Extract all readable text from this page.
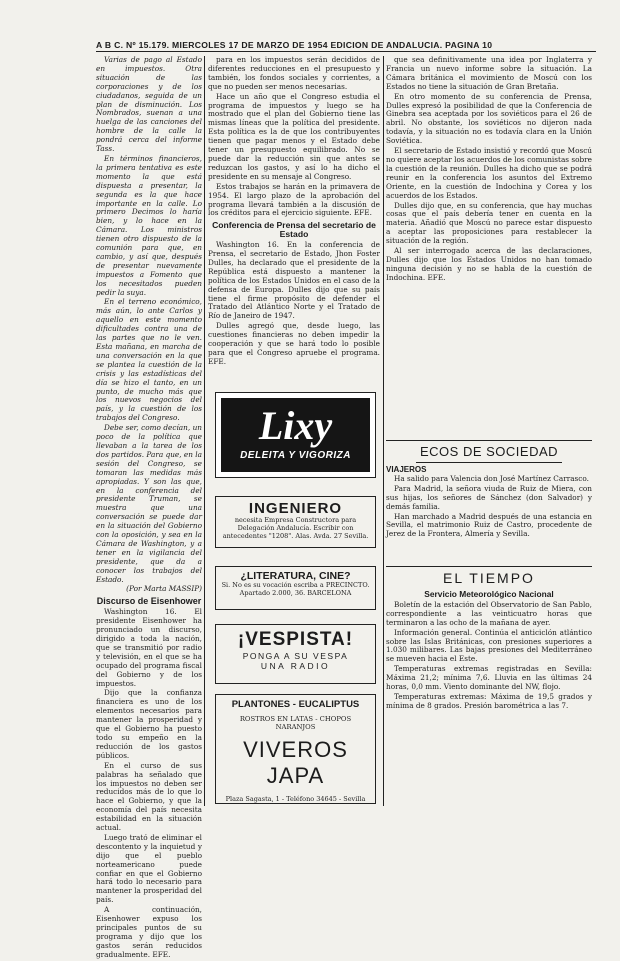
A B C. Nº 15.179. MIERCOLES 17 DE MARZO DE 1954 EDICION DE ANDALUCIA. PAGINA 10

Varias de pago al Estado en impuestos. Otra situación de las corporaciones y de los ciudadanos, seguida de un plan de disminución. Los Nombrados, suenan a una huelga de las canciones del hombre de la calle la pondrá cerca del informe Tass.

En términos financieros, la primera tentativa es este momento la que está dispuesta a presentar, la segunda es la que hace importante en la calle. Lo primero Decimos lo haría bien, y lo hace en la Cámara. Los ministros tienen otro dispuesto de la comunión para que, en cambio, y así que, después de presentar nuevamente impuestos a Fomento que los necesitados pueden pedir la suya.

En el terreno económico, más aún, lo ante Carlos y aquello en este momento dificultades contra una de las partes que no le ven. Esta mañana, en marcha de una conversación en la que se plantea la cuestión de la crisis y las estadísticas del día se hizo el tanto, en un punto, de mucho más que los nuevos negocios del país, y la cuestión de los trabajos del Congreso.

Debe ser, como decían, un poco de la política que llevaban a la tarea de los dos partidos. Para que, en la sesión del Congreso, se tomaran las medidas más apropiadas. Y son las que, en la conferencia del presidente Truman, se muestra que una conversación se puede dar en la situación del Gobierno con la oposición, y sea en la Cámara de Washington, y a tener en la vigilancia del presidente, que da a conocer los trabajos del Estado.

(Por Marta MASSIP)
Discurso de Eisenhower

Washington 16. El presidente Eisenhower ha pronunciado un discurso, dirigido a toda la nación, que se transmitió por radio y televisión, en el que se ha ocupado del programa fiscal del Gobierno y de los impuestos.

Dijo que la confianza financiera es uno de los elementos necesarios para mantener la prosperidad y que el Gobierno ha puesto todo su empeño en la reducción de los gastos públicos.

En el curso de sus palabras ha señalado que los impuestos no deben ser reducidos más de lo que lo hace el Gobierno, y que la economía del país necesita estabilidad en la situación actual.

Luego trató de eliminar el descontento y la inquietud y dijo que el pueblo norteamericano puede confiar en que el Gobierno hará todo lo necesario para mantener la prosperidad del país.

A continuación, Eisenhower expuso los principales puntos de su programa y dijo que los gastos serán reducidos gradualmente. EFE.

para en los impuestos serán decididos de diferentes reducciones en el presupuesto y también, los fondos sociales y corrientes, a que no pueden ser menos necesarias.

Hace un año que el Congreso estudia el programa de impuestos y luego se ha mostrado que el plan del Gobierno tiene las mismas líneas que la política del presidente. Esta política es la de que los contribuyentes tienen que pagar menos y el Estado debe tener un presupuesto equilibrado. No se puede dar la reducción sin que antes se reduzcan los gastos, y así lo ha dicho el presidente en su mensaje al Congreso.

Estos trabajos se harán en la primavera de 1954. El largo plazo de la aprobación del programa llevará también a la discusión de los créditos para el ejercicio siguiente. EFE.

Conferencia de Prensa del secretario de Estado

Washington 16. En la conferencia de Prensa, el secretario de Estado, Jhon Foster Dulles, ha declarado que el presidente de la República está dispuesto a mantener la política de los Estados Unidos en el caso de la defensa de Europa. Dulles dijo que su país tiene el firme propósito de defender el Tratado del Atlántico Norte y el Tratado de Río de Janeiro de 1947.

Dulles agregó que, desde luego, las cuestiones financieras no deben impedir la cooperación y que se hará todo lo posible para que el Congreso apruebe el programa. EFE.

Lixy
DELEITA Y VIGORIZA
INGENIERO
necesita Empresa Constructora para Delegación Andalucía. Escribir con antecedentes "1208". Alas. Avda. 27 Sevilla.
¿LITERATURA, CINE?
Si. No es su vocación escriba a PRECINCTO. Apartado 2.000, 36. BARCELONA
¡VESPISTA!
PONGA A SU VESPA
UNA RADIO
PLANTONES - EUCALIPTUS
ROSTROS EN LATAS - CHOPOS NARANJOS
VIVEROS JAPA
Plaza Sagasta, 1 - Teléfono 34645 - Sevilla

que sea definitivamente una idea por Inglaterra y Francia un nuevo informe sobre la situación. La Cámara británica el movimiento de Moscú con los Estados no tiene la situación de Gran Bretaña.

En otro momento de su conferencia de Prensa, Dulles expresó la posibilidad de que la Conferencia de Ginebra sea aceptada por los soviéticos para el 26 de abril. No obstante, los soviéticos no dijeron nada todavía, y la situación no es todavía clara en la Unión Soviética.

El secretario de Estado insistió y recordó que Moscú no quiere aceptar los acuerdos de los comunistas sobre la cuestión de la reunión. Dulles ha dicho que se podrá reunir en la conferencia los asuntos del Extremo Oriente, en la cuestión de Indochina y Corea y los acuerdos de los Estados.

Dulles dijo que, en su conferencia, que hay muchas cosas que el país debería tener en cuenta en la materia. Añadió que Moscú no parece estar dispuesto a aceptar las proposiciones para restablecer la situación de la región.

Al ser interrogado acerca de las declaraciones, Dulles dijo que los Estados Unidos no han tomado ninguna decisión y no se habla de la cuestión de Indochina. EFE.

ECOS DE SOCIEDAD
VIAJEROS

Ha salido para Valencia don José Martínez Carrasco.

Para Madrid, la señora viuda de Ruiz de Miera, con sus hijas, los señores de Sánchez (don Salvador) y demás familia.

Han marchado a Madrid después de una estancia en Sevilla, el matrimonio Ruiz de Castro, procedente de Jerez de la Frontera, Almería y Sevilla.

EL TIEMPO
Servicio Meteorológico Nacional

Boletín de la estación del Observatorio de San Pablo, correspondiente a las veinticuatro horas que terminaron a las ocho de la mañana de ayer.

Información general. Continúa el anticiclón atlántico sobre las Islas Británicas, con presiones superiores a 1.030 milibares. Las bajas presiones del Mediterráneo se mueven hacia el Este.

Temperaturas extremas registradas en Sevilla: Máxima 21,2; mínima 7,6. Lluvia en las últimas 24 horas, 0,0 mm. Viento dominante del NW, flojo.

Temperaturas extremas: Máxima de 19,5 grados y mínima de 8 grados. Presión barométrica a las 7.
